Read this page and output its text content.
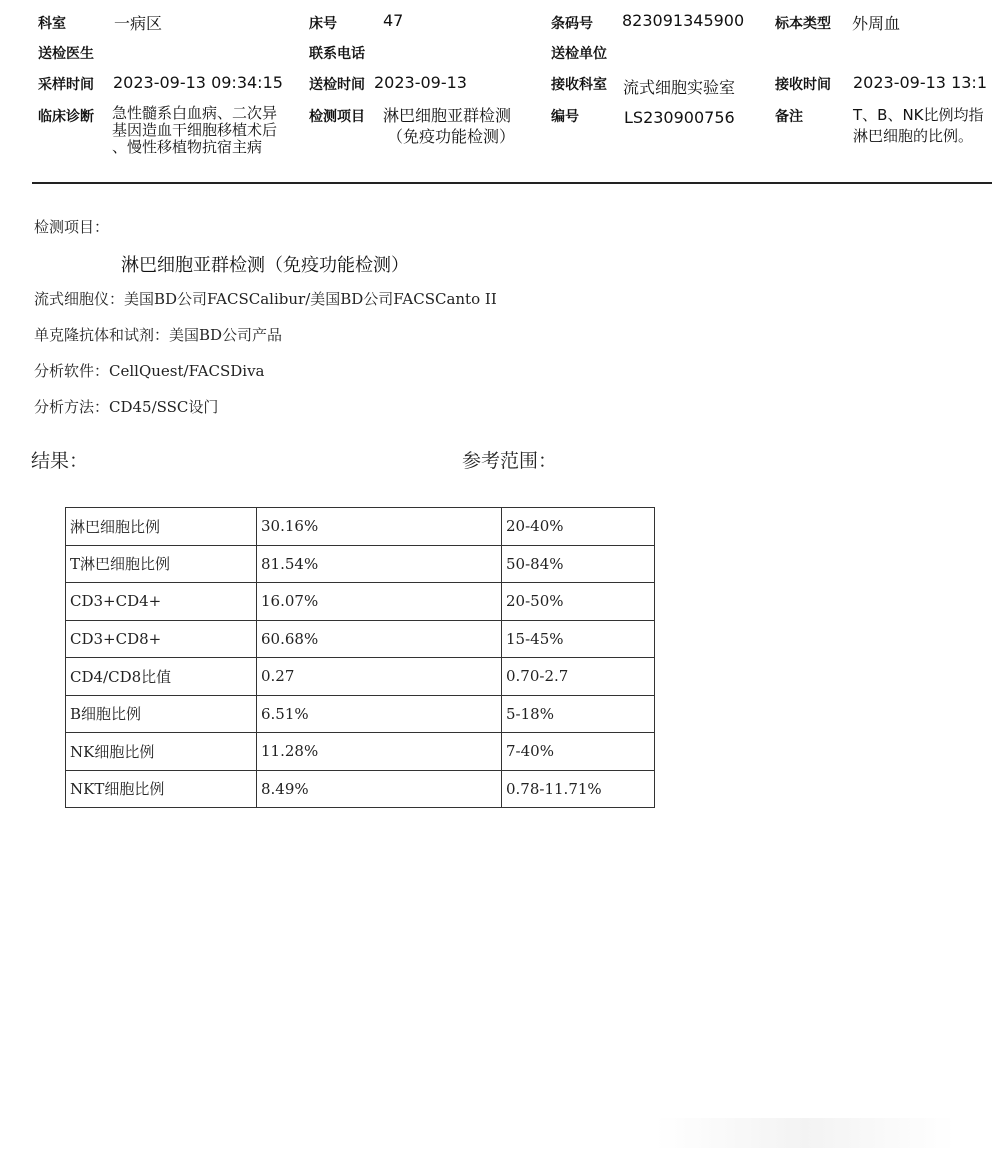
科室	一病区	床号	47	条码号 823091345900 标本类型 外周血
送检医生	联系电话	送检单位
采样时间 2023-09-13 09:34:15 送检时间 2023-09-13	接收科室 流式细胞实验室	接收时间 2023-09-13 13:1
临床诊断 急性髓系白血病、二次异
基因造血干细胞移植术后
、慢性移植物抗宿主病
检测项目 淋巴细胞亚群检测
（免疫功能检测）
编号	LS230900756	备注	T、B、NK比例均指
淋巴细胞的比例。
检测项目：
淋巴细胞亚群检测（免疫功能检测）
流式细胞仪：美国BD公司FACSCalibur/美国BD公司FACSCanto II
单克隆抗体和试剂：美国BD公司产品
分析软件：CellQuest/FACSDiva
分析方法：CD45/SSC设门
结果：	参考范围：
淋巴细胞比例	30.16%	20-40%
T淋巴细胞比例	81.54%	50-84%
CD3+CD4+	16.07%	20-50%
CD3+CD8+	60.68%	15-45%
CD4/CD8比值	0.27	0.70-2.7
B细胞比例	6.51%	5-18%
NK细胞比例	11.28%	7-40%
NKT细胞比例	8.49%	0.78-11.71%
